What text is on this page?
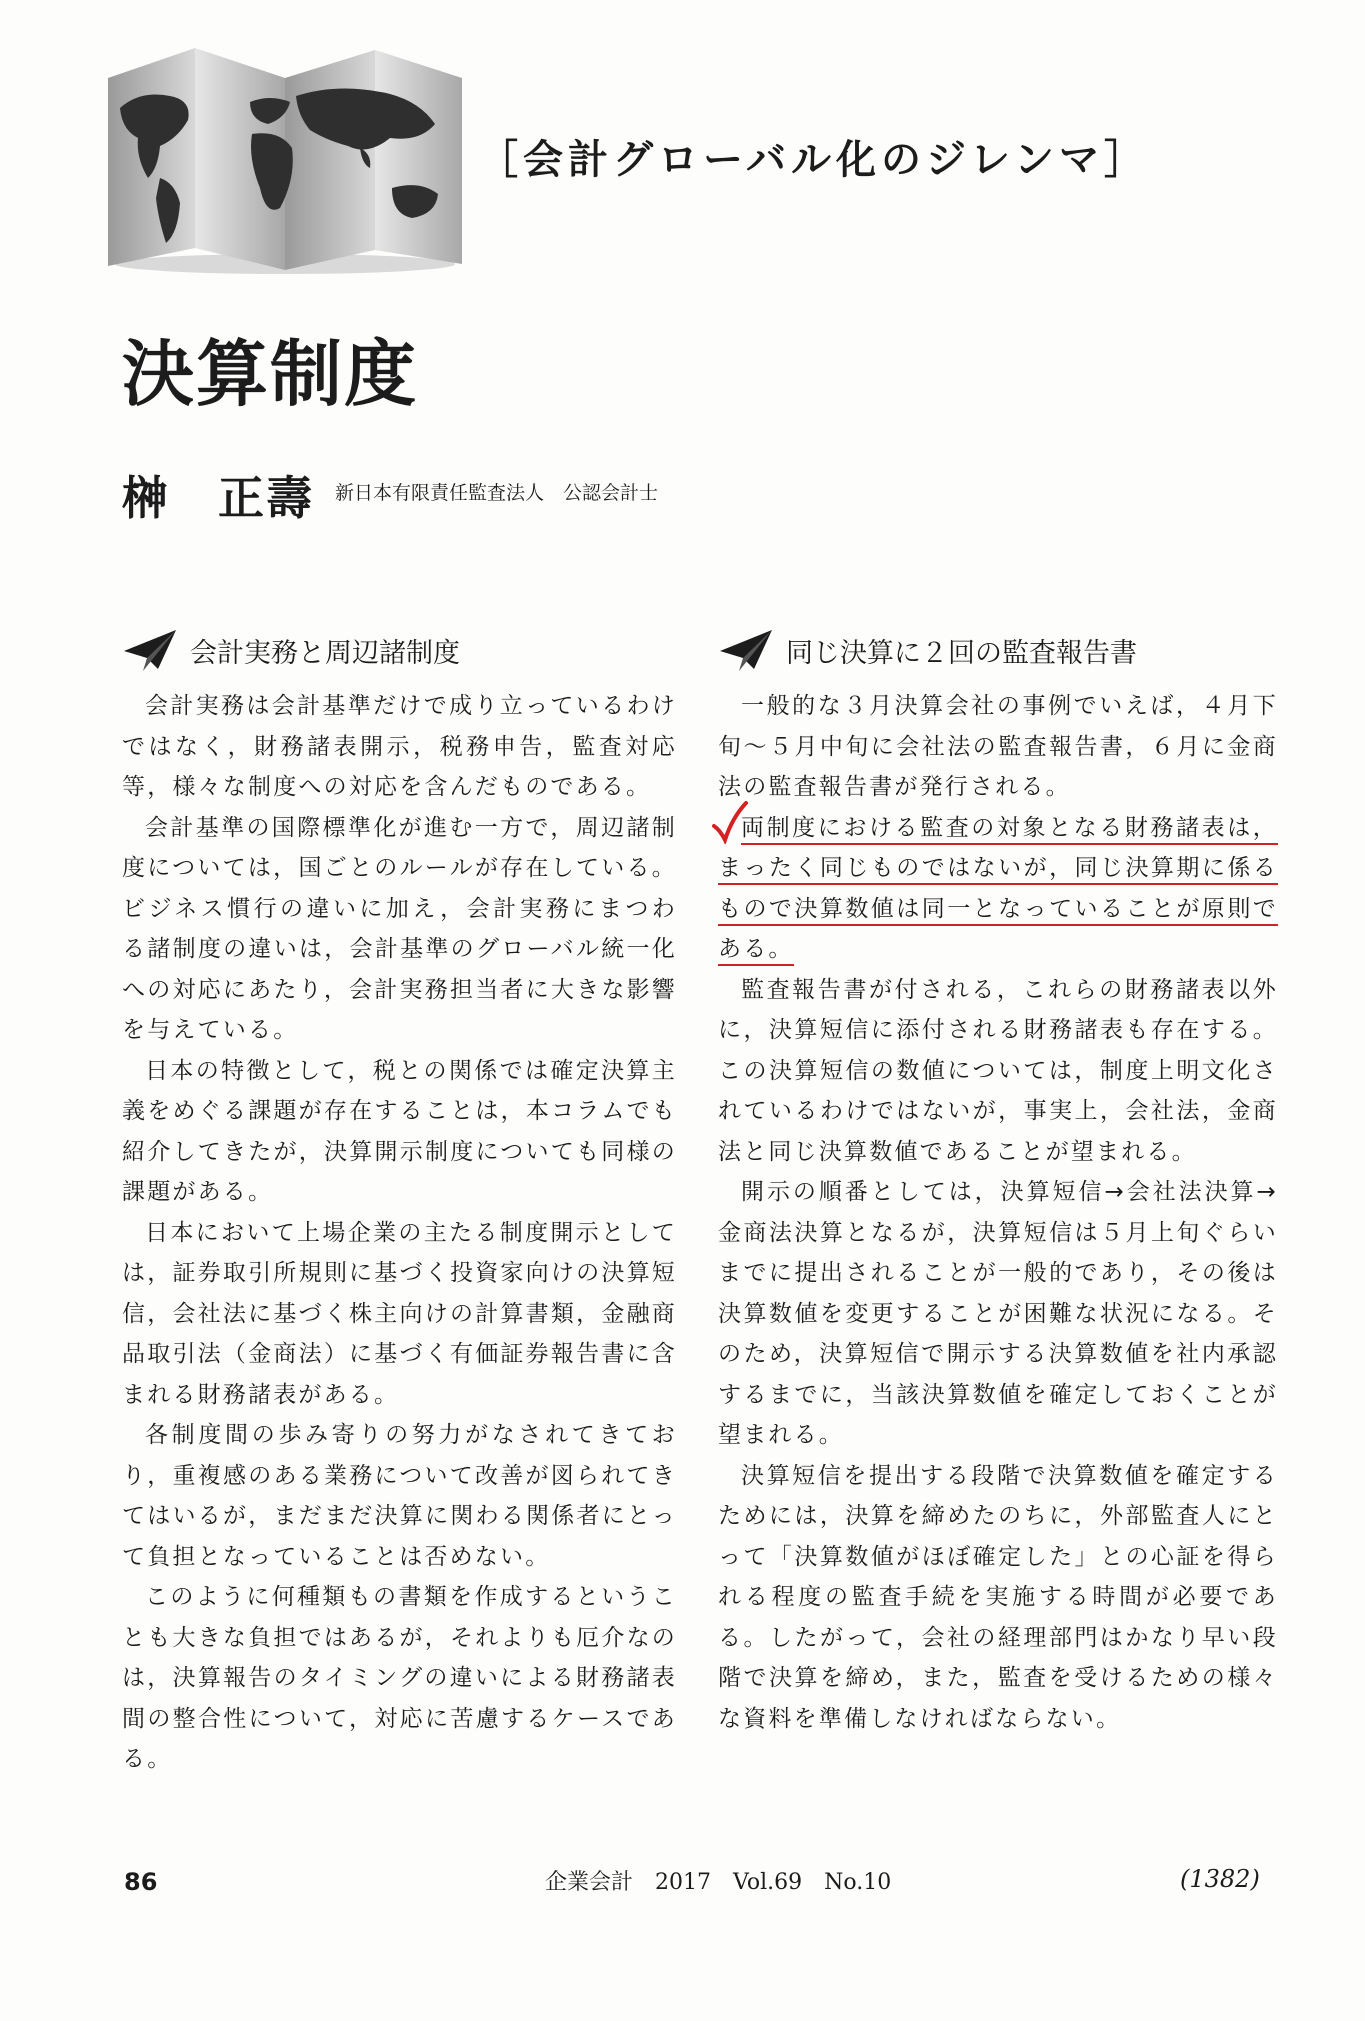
［会計グローバル化のジレンマ］
決算制度
榊　正壽 新日本有限責任監査法人　公認会計士
会計実務と周辺諸制度

会計実務は会計基準だけで成り立っているわけではなく，財務諸表開示，税務申告，監査対応等，様々な制度への対応を含んだものである。

会計基準の国際標準化が進む一方で，周辺諸制度については，国ごとのルールが存在している。ビジネス慣行の違いに加え，会計実務にまつわる諸制度の違いは，会計基準のグローバル統一化への対応にあたり，会計実務担当者に大きな影響を与えている。

日本の特徴として，税との関係では確定決算主義をめぐる課題が存在することは，本コラムでも紹介してきたが，決算開示制度についても同様の課題がある。

日本において上場企業の主たる制度開示としては，証券取引所規則に基づく投資家向けの決算短信，会社法に基づく株主向けの計算書類，金融商品取引法（金商法）に基づく有価証券報告書に含まれる財務諸表がある。

各制度間の歩み寄りの努力がなされてきており，重複感のある業務について改善が図られてきてはいるが，まだまだ決算に関わる関係者にとって負担となっていることは否めない。

このように何種類もの書類を作成するということも大きな負担ではあるが，それよりも厄介なのは，決算報告のタイミングの違いによる財務諸表間の整合性について，対応に苦慮するケースである。

同じ決算に２回の監査報告書

一般的な３月決算会社の事例でいえば，４月下旬～５月中旬に会社法の監査報告書，６月に金商法の監査報告書が発行される。

両制度における監査の対象となる財務諸表は，まったく同じものではないが，同じ決算期に係るもので決算数値は同一となっていることが原則である。

監査報告書が付される，これらの財務諸表以外に，決算短信に添付される財務諸表も存在する。この決算短信の数値については，制度上明文化されているわけではないが，事実上，会社法，金商法と同じ決算数値であることが望まれる。

開示の順番としては，決算短信→会社法決算→金商法決算となるが，決算短信は５月上旬ぐらいまでに提出されることが一般的であり，その後は決算数値を変更することが困難な状況になる。そのため，決算短信で開示する決算数値を社内承認するまでに，当該決算数値を確定しておくことが望まれる。

決算短信を提出する段階で決算数値を確定するためには，決算を締めたのちに，外部監査人にとって「決算数値がほぼ確定した」との心証を得られる程度の監査手続を実施する時間が必要である。したがって，会社の経理部門はかなり早い段階で決算を締め，また，監査を受けるための様々な資料を準備しなければならない。

86	企業会計　2017　Vol.69　No.10	(1382)
